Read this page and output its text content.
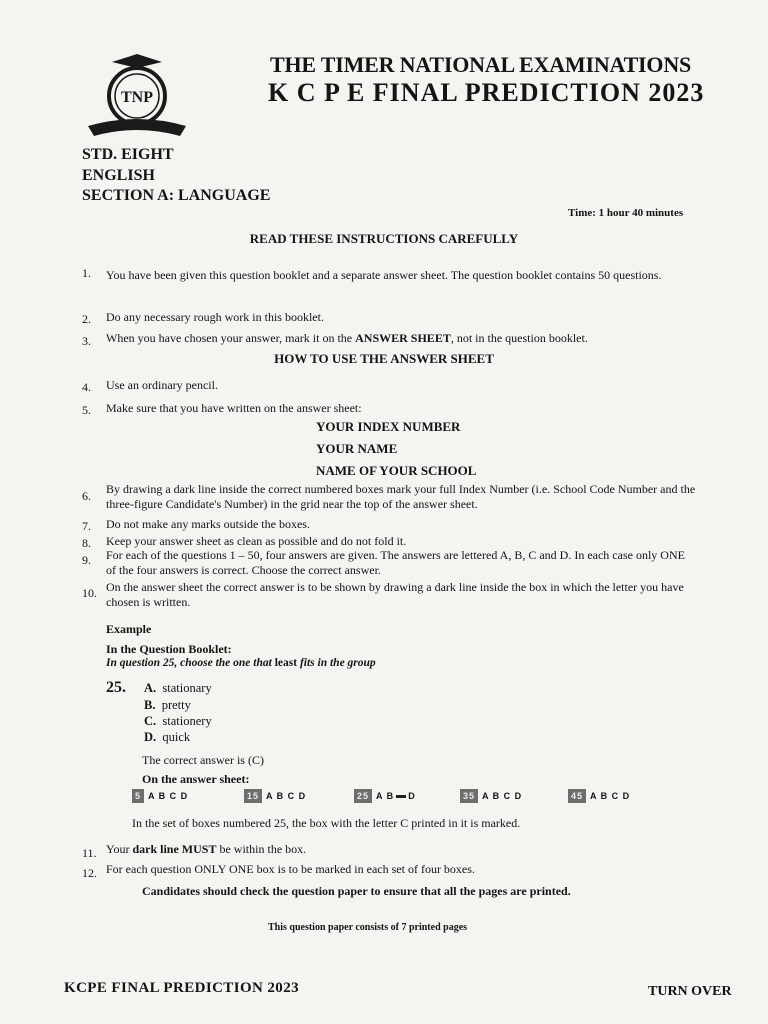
TNP
THE TIMER NATIONAL EXAMINATIONS
K C P E FINAL PREDICTION 2023
STD. EIGHT
ENGLISH
SECTION A: LANGUAGE
Time: 1 hour 40 minutes
READ THESE INSTRUCTIONS CAREFULLY
1. You have been given this question booklet and a separate answer sheet. The question booklet contains 50 questions.
2. Do any necessary rough work in this booklet.
3. When you have chosen your answer, mark it on the ANSWER SHEET, not in the question booklet.
HOW TO USE THE ANSWER SHEET
4. Use an ordinary pencil.
5. Make sure that you have written on the answer sheet:
YOUR INDEX NUMBER
YOUR NAME
NAME OF YOUR SCHOOL
6. By drawing a dark line inside the correct numbered boxes mark your full Index Number (i.e. School Code Number and the three-figure Candidate's Number) in the grid near the top of the answer sheet.
7. Do not make any marks outside the boxes.
8. Keep your answer sheet as clean as possible and do not fold it.
9. For each of the questions 1 – 50, four answers are given. The answers are lettered A, B, C and D. In each case only ONE of the four answers is correct. Choose the correct answer.
10. On the answer sheet the correct answer is to be shown by drawing a dark line inside the box in which the letter you have chosen is written.
Example
In the Question Booklet:
In question 25, choose the one that least fits in the group
25. A. stationary
B. pretty
C. stationery
D. quick
The correct answer is (C)
On the answer sheet:
5 A B C D	15 A B C D	25 A B D	35 A B C D	45 A B C D
In the set of boxes numbered 25, the box with the letter C printed in it is marked.
11. Your dark line MUST be within the box.
12. For each question ONLY ONE box is to be marked in each set of four boxes.
Candidates should check the question paper to ensure that all the pages are printed.
This question paper consists of 7 printed pages
KCPE FINAL PREDICTION 2023	TURN OVER
